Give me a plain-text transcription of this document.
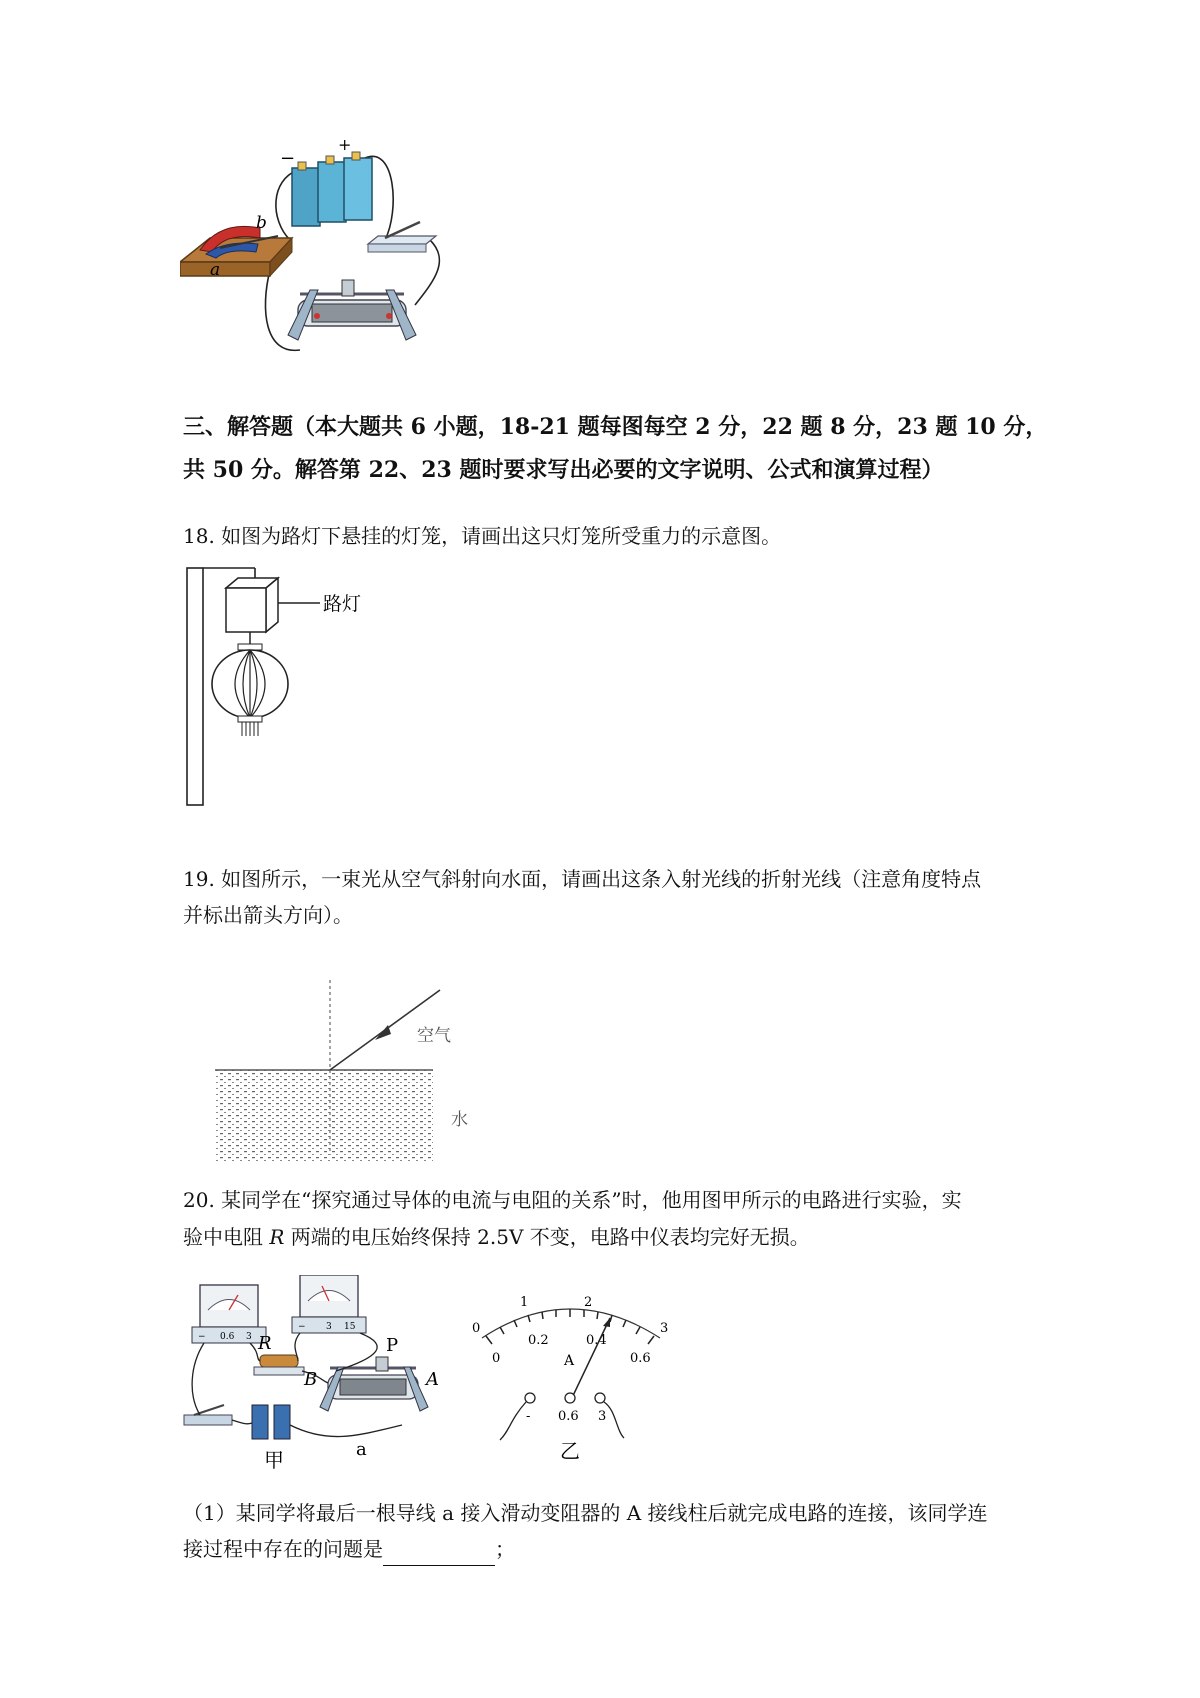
−
+
a
b
三、解答题（本大题共 6 小题，18-21 题每图每空 2 分，22 题 8 分，23 题 10 分，
共 50 分。解答第 22、23 题时要求写出必要的文字说明、公式和演算过程）
18. 如图为路灯下悬挂的灯笼，请画出这只灯笼所受重力的示意图。
路灯
19. 如图所示，一束光从空气斜射向水面，请画出这条入射光线的折射光线（注意角度特点
并标出箭头方向）。
空气
水
20. 某同学在“探究通过导体的电流与电阻的关系”时，他用图甲所示的电路进行实验，实
验中电阻 R 两端的电压始终保持 2.5V 不变，电路中仪表均完好无损。
− 0.6 3
− 3 15
R
B
P
A
a
甲
0
1	2
3
0
0.2	0.4
0.6
A
- 0.6 3
乙
（1）某同学将最后一根导线 a 接入滑动变阻器的 A 接线柱后就完成电路的连接，该同学连
接过程中存在的问题是	；
